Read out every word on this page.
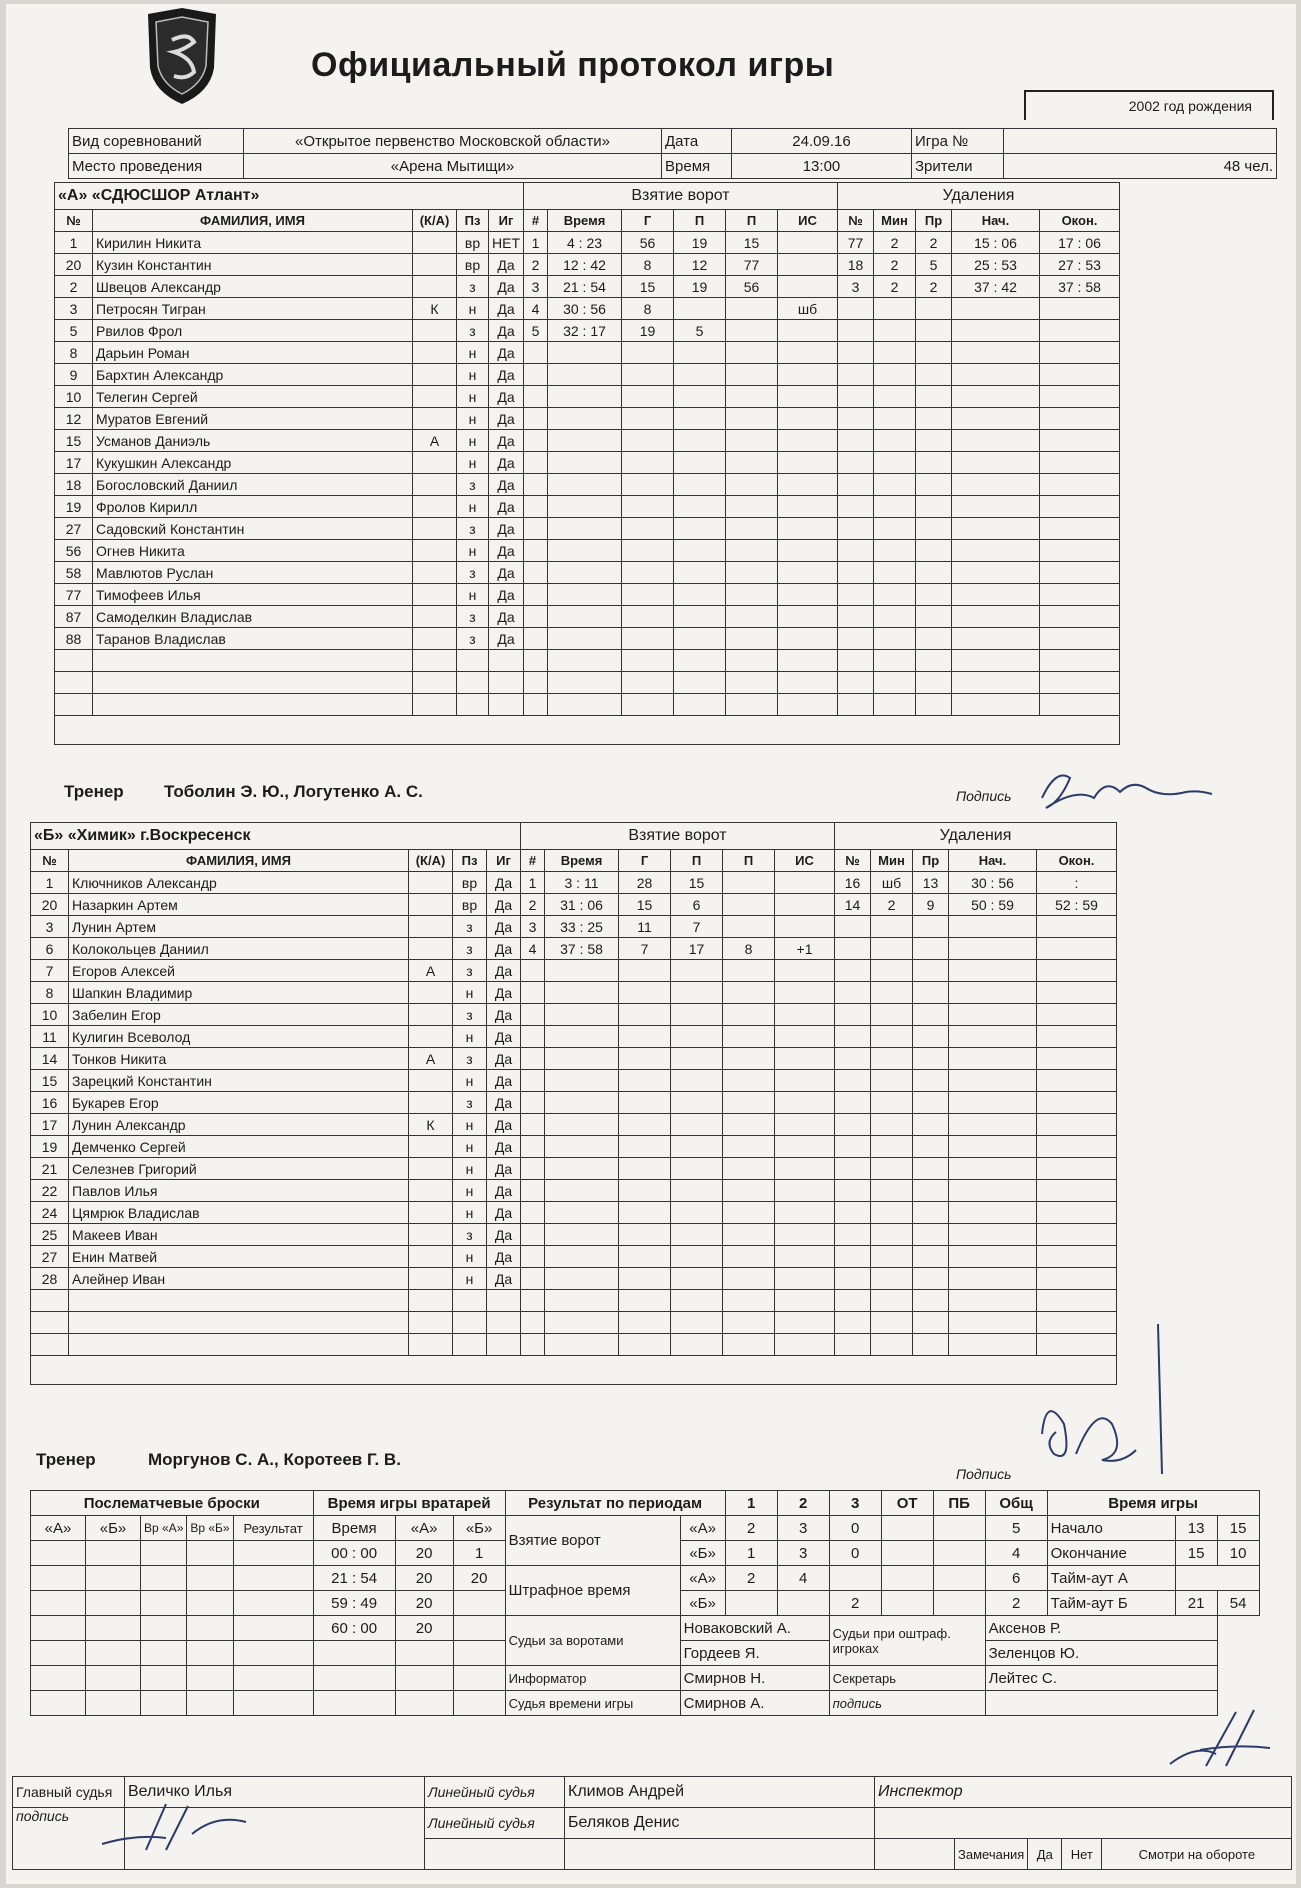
Официальный протокол игры
2002 год рождения
Вид соревнований	«Открытое первенство Московской области»	Дата	24.09.16	Игра №	
Место проведения	«Арена Мытищи»	Время	13:00	Зрители	48 чел.
«А» «СДЮСШОР Атлант»					Взятие ворот						Удаления				
№	ФАМИЛИЯ, ИМЯ	(К/А)	Пз	Иг	#	Время	Г	П	П	ИС	№	Мин	Пр	Нач.	Окон.
1	Кирилин Никита		вр	НЕТ	1	4 : 23	56	19	15		77	2	2	15 : 06	17 : 06
20	Кузин Константин		вр	Да	2	12 : 42	8	12	77		18	2	5	25 : 53	27 : 53
2	Швецов Александр		з	Да	3	21 : 54	15	19	56		3	2	2	37 : 42	37 : 58
3	Петросян Тигран	К	н	Да	4	30 : 56	8			шб					
5	Рвилов Фрол		з	Да	5	32 : 17	19	5							
8	Дарьин Роман		н	Да											
9	Бархтин Александр		н	Да											
10	Телегин Сергей		н	Да											
12	Муратов Евгений		н	Да											
15	Усманов Даниэль	А	н	Да											
17	Кукушкин Александр		н	Да											
18	Богословский Даниил		з	Да											
19	Фролов Кирилл		н	Да											
27	Садовский Константин		з	Да											
56	Огнев Никита		н	Да											
58	Мавлютов Руслан		з	Да											
77	Тимофеев Илья		н	Да											
87	Самоделкин Владислав		з	Да											
88	Таранов Владислав		з	Да											

Тренер Тоболин Э. Ю., Логутенко А. С.	Подпись
«Б» «Химик» г.Воскресенск					Взятие ворот						Удаления				
№	ФАМИЛИЯ, ИМЯ	(К/А)	Пз	Иг	#	Время	Г	П	П	ИС	№	Мин	Пр	Нач.	Окон.
1	Ключников Александр		вр	Да	1	3 : 11	28	15			16	шб	13	30 : 56	:
20	Назаркин Артем		вр	Да	2	31 : 06	15	6			14	2	9	50 : 59	52 : 59
3	Лунин Артем		з	Да	3	33 : 25	11	7							
6	Колокольцев Даниил		з	Да	4	37 : 58	7	17	8	+1					
7	Егоров Алексей	А	з	Да											
8	Шапкин Владимир		н	Да											
10	Забелин Егор		з	Да											
11	Кулигин Всеволод		н	Да											
14	Тонков Никита	А	з	Да											
15	Зарецкий Константин		н	Да											
16	Букарев Егор		з	Да											
17	Лунин Александр	К	н	Да											
19	Демченко Сергей		н	Да											
21	Селезнев Григорий		н	Да											
22	Павлов Илья		н	Да											
24	Цямрюк Владислав		н	Да											
25	Макеев Иван		з	Да											
27	Енин Матвей		н	Да											
28	Алейнер Иван		н	Да											

Тренер	Моргунов С. А., Коротеев Г. В.
Подпись
Послематчевые броски					Время игры вратарей			Результат по периодам		1	2	3	ОТ	ПБ	Общ	Время игры		
«А»	«Б»	Вр «А»	Вр «Б»	Результат	Время	«А»	«Б»	Взятие ворот	«А»	2	3	0			5	Начало	13	15
					00 : 00	20	1		«Б»	1	3	0			4	Окончание	15	10
					21 : 54	20	20	Штрафное время	«А»	2	4				6	Тайм-аут А		
					59 : 49	20			«Б»			2			2	Тайм-аут Б	21	54
					60 : 00	20		Судьи за воротами	Новаковский А.			Судьи при оштраф. игроках			Аксенов Р.			
									Гордеев Я.						Зеленцов Ю.			
								Информатор	Смирнов Н.			Секретарь			Лейтес С.			
								Судья времени игры	Смирнов А.			подпись						
Главный судья	Величко Илья	Линейный судья	Климов Андрей	Инспектор				
подпись		Линейный судья	Беляков Денис					
					Замечания	Да	Нет	Смотри на обороте
